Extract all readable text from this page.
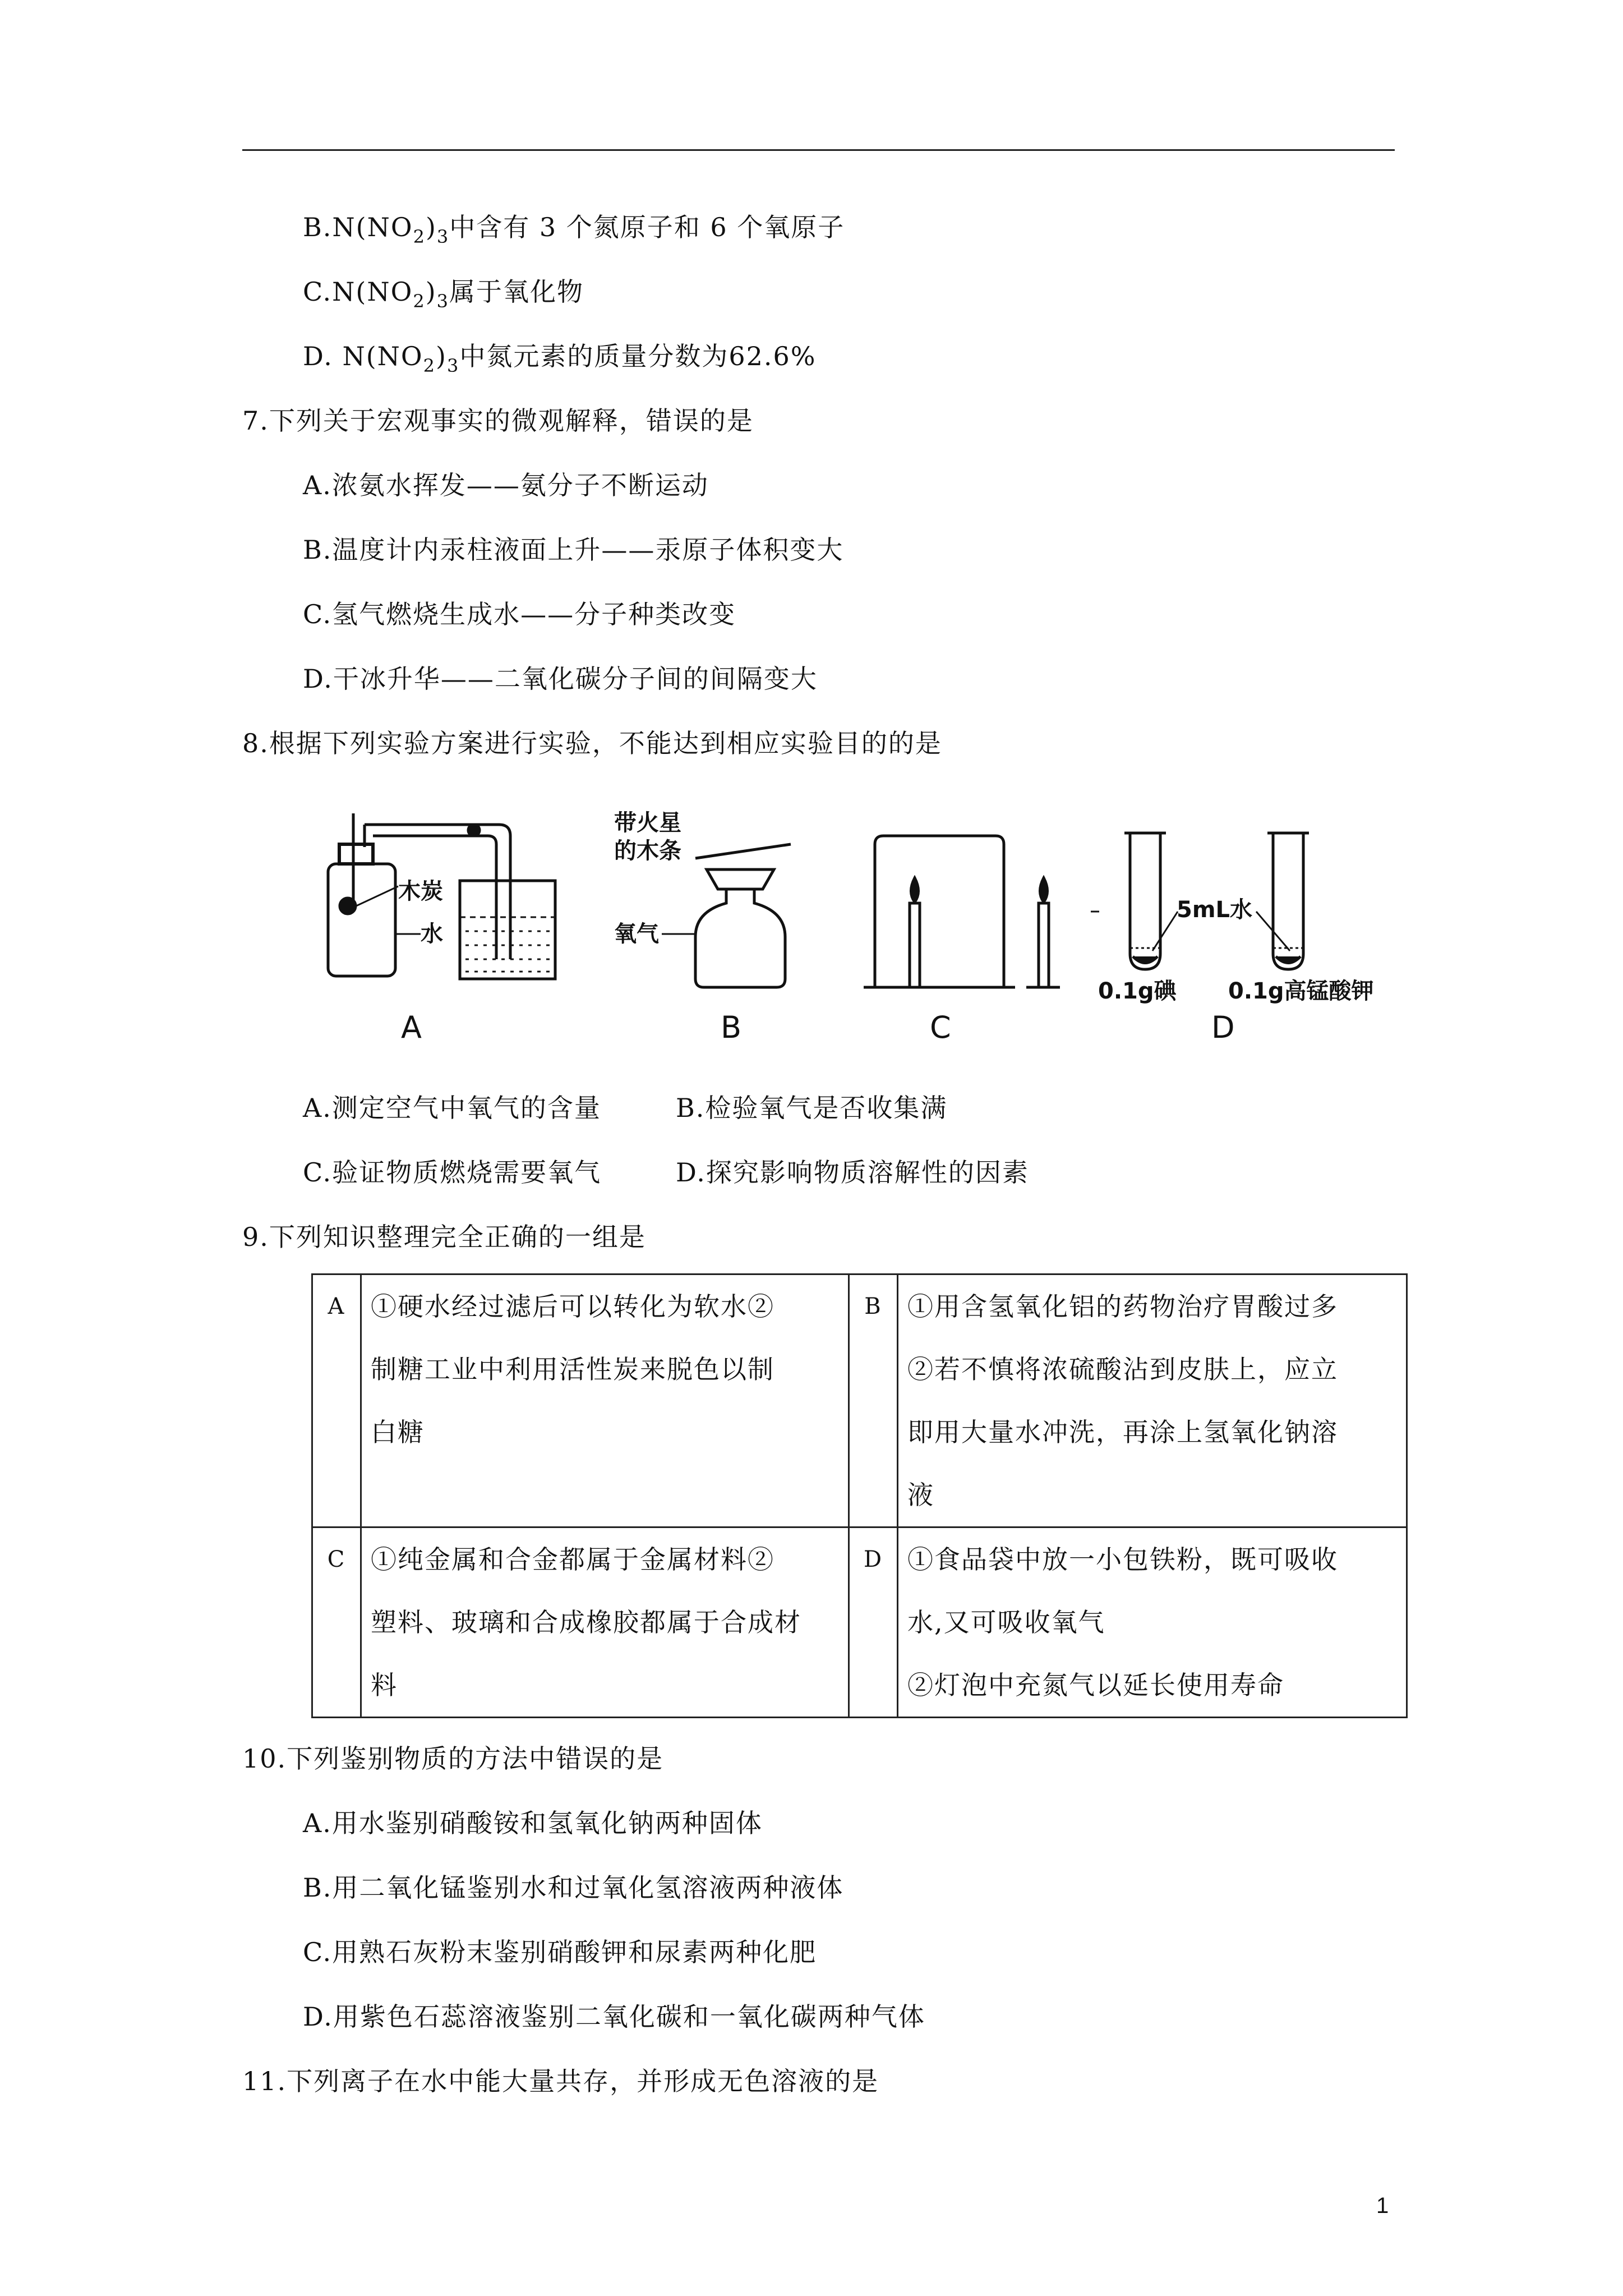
$B.N(NO_2)_3$中含有 3 个氮原子和 6 个氧原子
$C.N(NO_2)_3$属于氧化物
D. $N(NO_2)_3$中氮元素的质量分数为62.6%
7.下列关于宏观事实的微观解释，错误的是
A.浓氨水挥发——氨分子不断运动
B.温度计内汞柱液面上升——汞原子体积变大
C.氢气燃烧生成水——分子种类改变
D.干冰升华——二氧化碳分子间的间隔变大
8.根据下列实验方案进行实验，不能达到相应实验目的的是
木炭
水
A
带火星
的木条
氧气
B	C
5mL水
0.1g碘 0.1g高锰酸钾
D
A.测定空气中氧气的含量	B.检验氧气是否收集满
C.验证物质燃烧需要氧气	D.探究影响物质溶解性的因素
9.下列知识整理完全正确的一组是
A	①硬水经过滤后可以转化为软水②
制糖工业中利用活性炭来脱色以制
白糖	B	①用含氢氧化铝的药物治疗胃酸过多
②若不慎将浓硫酸沾到皮肤上，应立
即用大量水冲洗，再涂上氢氧化钠溶
液

C	①纯金属和合金都属于金属材料②
塑料、玻璃和合成橡胶都属于合成材
料	D	①食品袋中放一小包铁粉，既可吸收
水,又可吸收氧气
②灯泡中充氮气以延长使用寿命
10.下列鉴别物质的方法中错误的是
A.用水鉴别硝酸铵和氢氧化钠两种固体
B.用二氧化锰鉴别水和过氧化氢溶液两种液体
C.用熟石灰粉末鉴别硝酸钾和尿素两种化肥
D.用紫色石蕊溶液鉴别二氧化碳和一氧化碳两种气体
11.下列离子在水中能大量共存，并形成无色溶液的是
1
